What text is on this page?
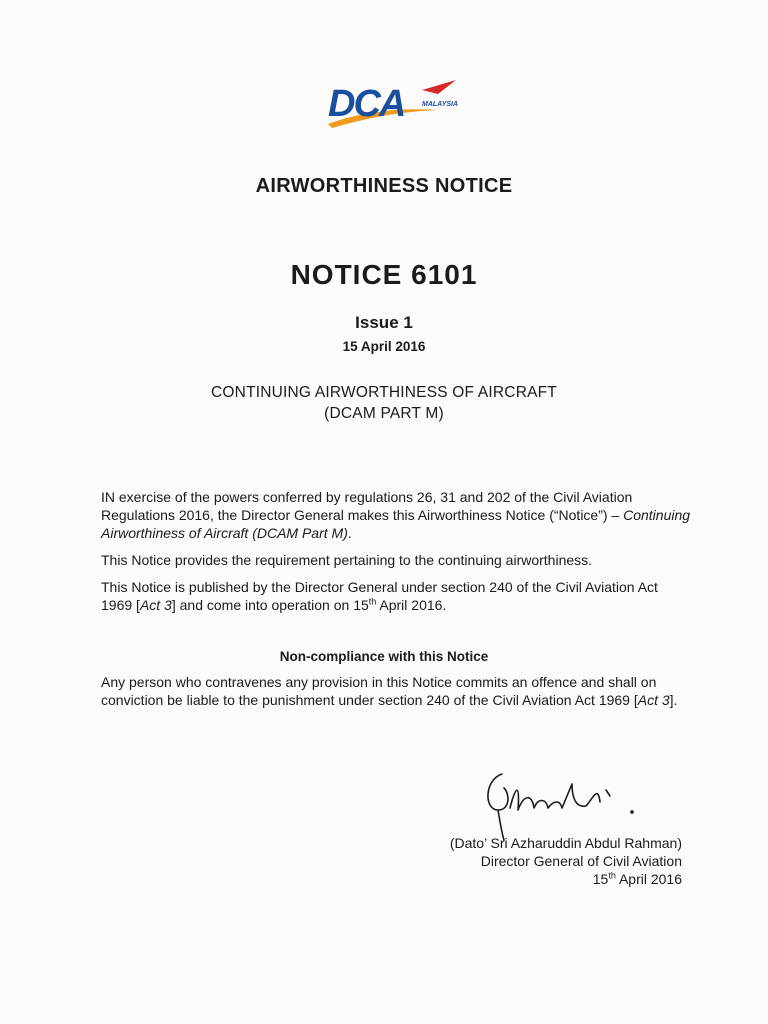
DCA	MALAYSIA
AIRWORTHINESS NOTICE
NOTICE 6101
Issue 1
15 April 2016
CONTINUING AIRWORTHINESS OF AIRCRAFT
(DCAM PART M)

IN exercise of the powers conferred by regulations 26, 31 and 202 of the Civil Aviation Regulations 2016, the Director General makes this Airworthiness Notice (“Notice”) – Continuing Airworthiness of Aircraft (DCAM Part M).

This Notice provides the requirement pertaining to the continuing airworthiness.

This Notice is published by the Director General under section 240 of the Civil Aviation Act 1969 [Act 3] and come into operation on 15th April 2016.

Non-compliance with this Notice

Any person who contravenes any provision in this Notice commits an offence and shall on conviction be liable to the punishment under section 240 of the Civil Aviation Act 1969 [Act 3].

(Dato’ Sri Azharuddin Abdul Rahman)
Director General of Civil Aviation
15th April 2016
